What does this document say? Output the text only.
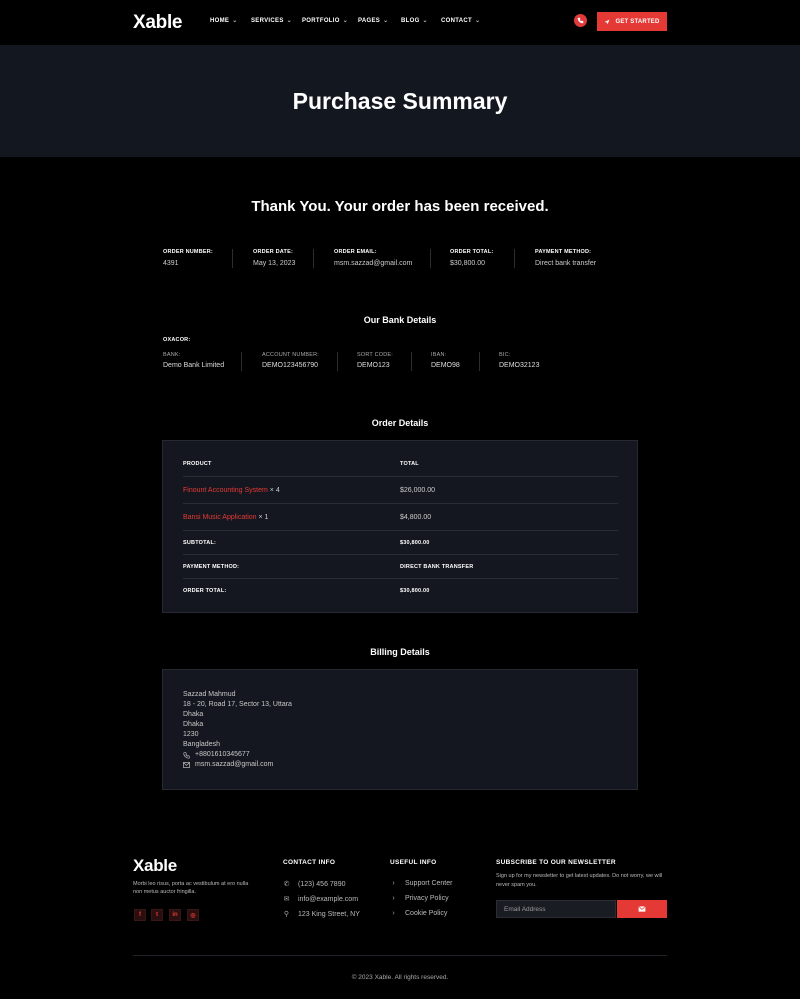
Xable	HOME ⌄ SERVICES ⌄ PORTFOLIO ⌄ PAGES ⌄ BLOG ⌄ CONTACT ⌄	GET STARTED
Purchase Summary
Thank You. Your order has been received.
ORDER NUMBER:
4391
ORDER DATE:
May 13, 2023
ORDER EMAIL:
msm.sazzad@gmail.com
ORDER TOTAL:
$30,800.00
PAYMENT METHOD:
Direct bank transfer
Our Bank Details
OXACOR:
BANK:
Demo Bank Limited
ACCOUNT NUMBER:
DEMO123456790
SORT CODE:
DEMO123
IBAN:
DEMO98
BIC:
DEMO32123
Order Details
PRODUCT	TOTAL
Finount Accounting System × 4	$26,000.00
Bansi Music Application × 1	$4,800.00
SUBTOTAL:	$30,800.00
PAYMENT METHOD:	DIRECT BANK TRANSFER
ORDER TOTAL:	$30,800.00
Billing Details
Sazzad Mahmud
18 - 20, Road 17, Sector 13, Uttara
Dhaka
Dhaka
1230
Bangladesh
+8801610345677
msm.sazzad@gmail.com
Xable
Morbi leo risus, porta ac vestibulum at ero nulla non metus auctor fringilla.
f	t in ◎
CONTACT INFO
✆ (123) 456 7890
✉ info@example.com
⚲ 123 King Street, NY
USEFUL INFO
›	Support Center
›	Privacy Policy
›	Cookie Policy
SUBSCRIBE TO OUR NEWSLETTER
Sign up for my newsletter to get latest updates. Do not worry, we will never spam you.
Email Address
© 2023 Xable. All rights reserved.
